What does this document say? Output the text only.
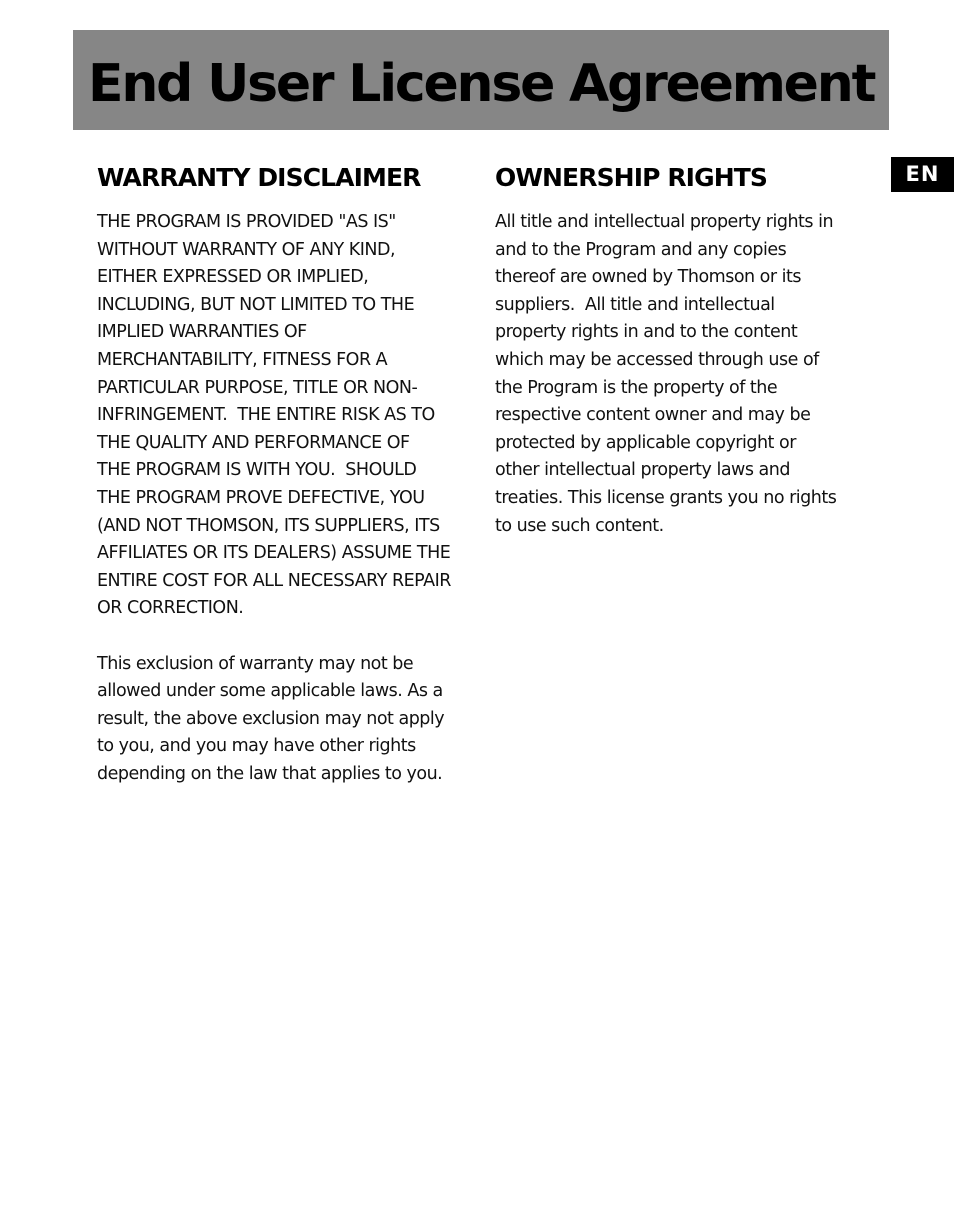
End User License Agreement
EN
WARRANTY DISCLAIMER

THE PROGRAM IS PROVIDED "AS IS"
WITHOUT WARRANTY OF ANY KIND,
EITHER EXPRESSED OR IMPLIED,
INCLUDING, BUT NOT LIMITED TO THE
IMPLIED WARRANTIES OF
MERCHANTABILITY, FITNESS FOR A
PARTICULAR PURPOSE, TITLE OR NON-
INFRINGEMENT.  THE ENTIRE RISK AS TO
THE QUALITY AND PERFORMANCE OF
THE PROGRAM IS WITH YOU.  SHOULD
THE PROGRAM PROVE DEFECTIVE, YOU
(AND NOT THOMSON, ITS SUPPLIERS, ITS
AFFILIATES OR ITS DEALERS) ASSUME THE
ENTIRE COST FOR ALL NECESSARY REPAIR
OR CORRECTION.

This exclusion of warranty may not be
allowed under some applicable laws. As a
result, the above exclusion may not apply
to you, and you may have other rights
depending on the law that applies to you.

OWNERSHIP RIGHTS

All title and intellectual property rights in
and to the Program and any copies
thereof are owned by Thomson or its
suppliers.  All title and intellectual
property rights in and to the content
which may be accessed through use of
the Program is the property of the
respective content owner and may be
protected by applicable copyright or
other intellectual property laws and
treaties. This license grants you no rights
to use such content.
